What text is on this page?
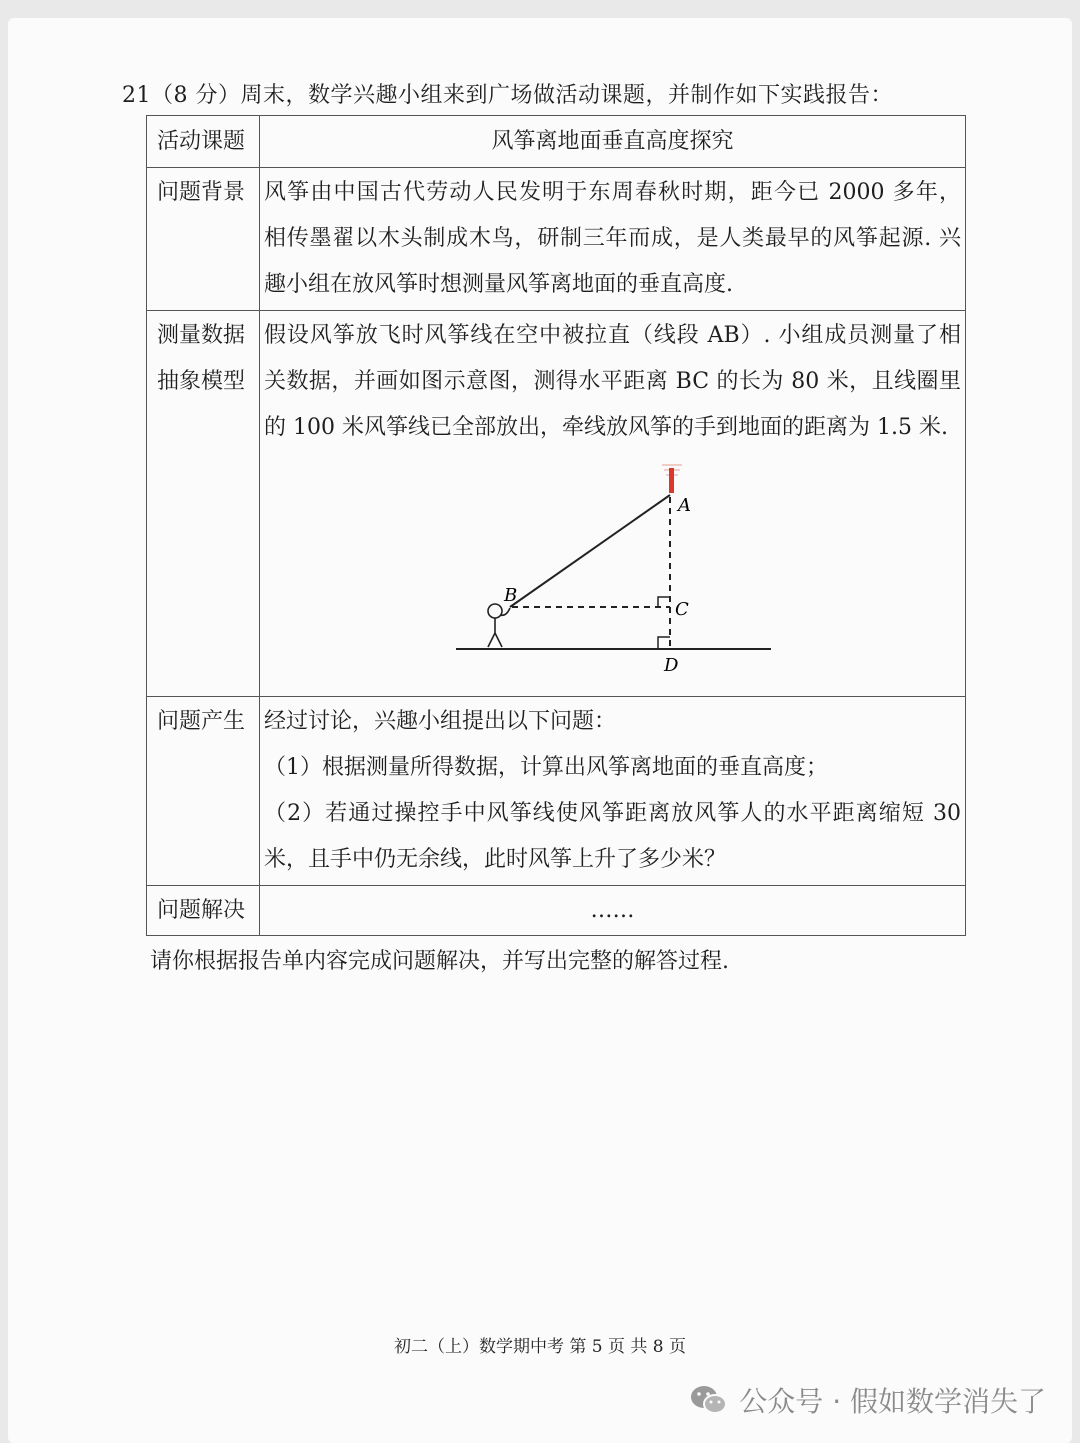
21（8 分）周末，数学兴趣小组来到广场做活动课题，并制作如下实践报告：
活动课题	风筝离地面垂直高度探究
问题背景 风筝由中国古代劳动人民发明于东周春秋时期，距今已 2000 多年，
相传墨翟以木头制成木鸟，研制三年而成，是人类最早的风筝起源. 兴
趣小组在放风筝时想测量风筝离地面的垂直高度.
测量数据
抽象模型
假设风筝放飞时风筝线在空中被拉直（线段 AB）. 小组成员测量了相
关数据，并画如图示意图，测得水平距离 BC 的长为 80 米，且线圈里
的 100 米风筝线已全部放出，牵线放风筝的手到地面的距离为 1.5 米.
A
B
C
D
问题产生 经过讨论，兴趣小组提出以下问题：
（1）根据测量所得数据，计算出风筝离地面的垂直高度；
（2）若通过操控手中风筝线使风筝距离放风筝人的水平距离缩短 30
米，且手中仍无余线，此时风筝上升了多少米？
问题解决	……
请你根据报告单内容完成问题解决，并写出完整的解答过程.
初二（上）数学期中考 第 5 页 共 8 页
公众号 · 假如数学消失了
